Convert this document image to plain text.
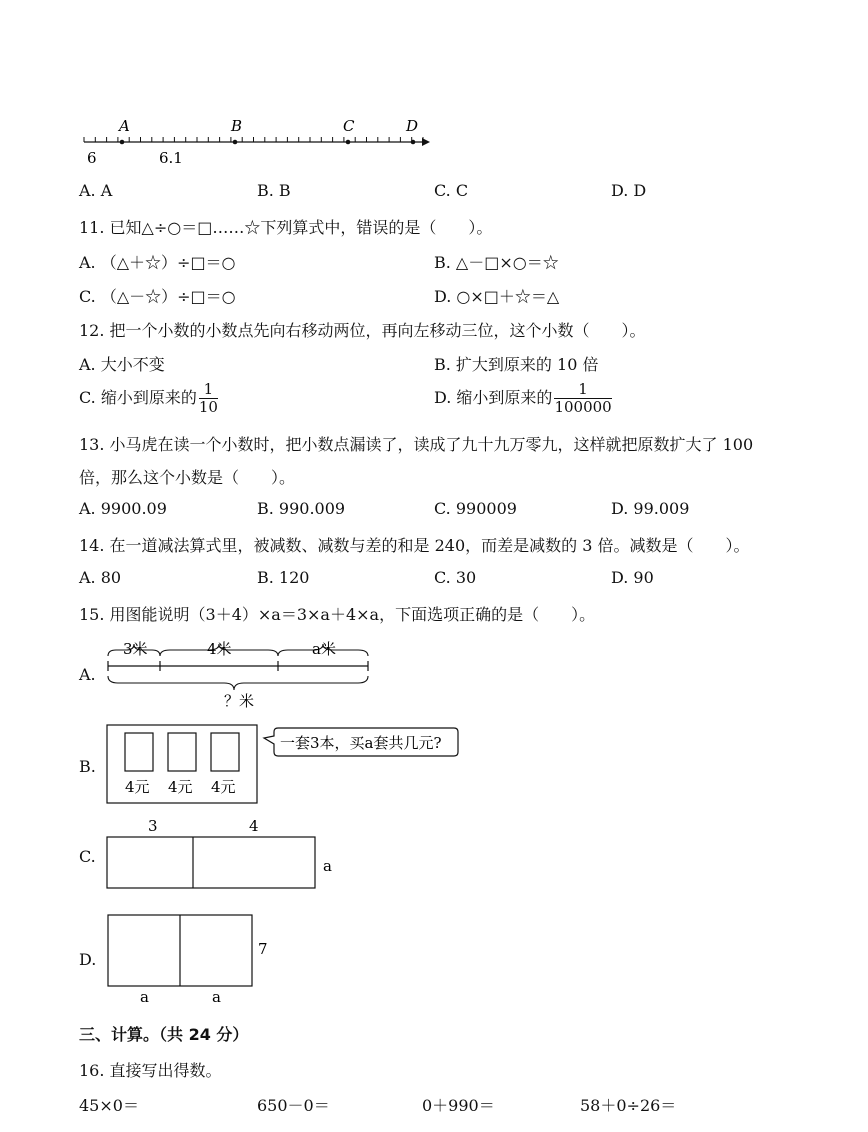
A	B	C	D
6	6.1
A. A	B. B	C. C	D. D
11. 已知△÷○＝□……☆下列算式中，错误的是（　　）。
A. （△＋☆）÷□＝○	B. △－□×○＝☆
C. （△－☆）÷□＝○	D. ○×□＋☆＝△
12. 把一个小数的小数点先向右移动两位，再向左移动三位，这个小数（　　）。
A. 大小不变	B. 扩大到原来的 10 倍
C. 缩小到原来的 $\frac{1}{10}$	D. 缩小到原来的 $\frac{1}{100000}$
13. 小马虎在读一个小数时，把小数点漏读了，读成了九十九万零九，这样就把原数扩大了 100
倍，那么这个小数是（　　）。
A. 9900.09	B. 990.009	C. 990009	D. 99.009
14. 在一道减法算式里，被减数、减数与差的和是 240，而差是减数的 3 倍。减数是（　　）。
A. 80	B. 120	C. 30	D. 90
15. 用图能说明（3＋4）×a＝3×a＋4×a，下面选项正确的是（　　）。
A.
3米	4米	a米
？米
B.
4元 4元 4元
一套3本，买a套共几元?
C.
3	4
a
D.
7
a	a
三、计算。（共 24 分）
16. 直接写出得数。
45×0＝	650－0＝	0＋990＝	58＋0÷26＝
